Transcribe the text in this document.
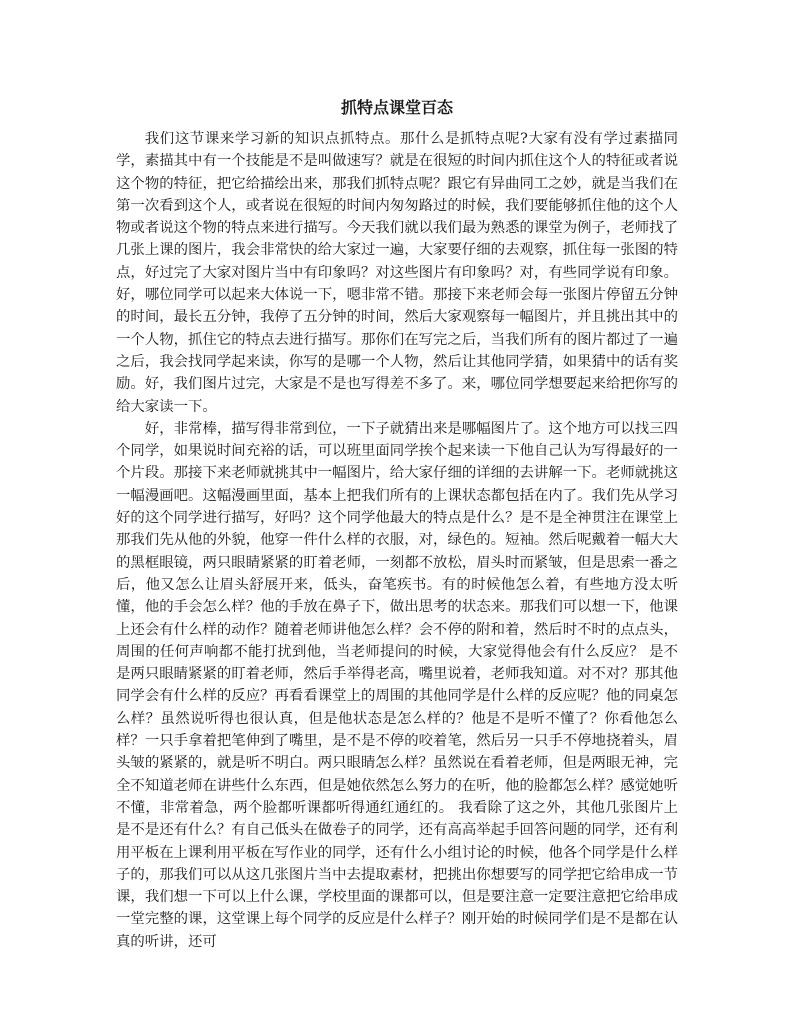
抓特点课堂百态

我们这节课来学习新的知识点抓特点。那什么是抓特点呢?大家有没有学过素描同学，素描其中有一个技能是不是叫做速写？就是在很短的时间内抓住这个人的特征或者说这个物的特征，把它给描绘出来，那我们抓特点呢？跟它有异曲同工之妙，就是当我们在第一次看到这个人，或者说在很短的时间内匆匆路过的时候，我们要能够抓住他的这个人物或者说这个物的特点来进行描写。今天我们就以我们最为熟悉的课堂为例子，老师找了几张上课的图片，我会非常快的给大家过一遍，大家要仔细的去观察，抓住每一张图的特点，好过完了大家对图片当中有印象吗？对这些图片有印象吗？对，有些同学说有印象。好，哪位同学可以起来大体说一下，嗯非常不错。那接下来老师会每一张图片停留五分钟的时间，最长五分钟，我停了五分钟的时间，然后大家观察每一幅图片，并且挑出其中的一个人物，抓住它的特点去进行描写。那你们在写完之后，当我们所有的图片都过了一遍之后，我会找同学起来读，你写的是哪一个人物，然后让其他同学猜，如果猜中的话有奖励。好，我们图片过完，大家是不是也写得差不多了。来，哪位同学想要起来给把你写的给大家读一下。

好，非常棒，描写得非常到位，一下子就猜出来是哪幅图片了。这个地方可以找三四个同学，如果说时间充裕的话，可以班里面同学挨个起来读一下他自己认为写得最好的一个片段。那接下来老师就挑其中一幅图片，给大家仔细的详细的去讲解一下。老师就挑这一幅漫画吧。这幅漫画里面，基本上把我们所有的上课状态都包括在内了。我们先从学习好的这个同学进行描写，好吗？这个同学他最大的特点是什么？是不是全神贯注在课堂上那我们先从他的外貌，他穿一件什么样的衣服，对，绿色的。短袖。然后呢戴着一幅大大的黑框眼镜，两只眼睛紧紧的盯着老师，一刻都不放松，眉头时而紧皱，但是思索一番之后，他又怎么让眉头舒展开来，低头，奋笔疾书。有的时候他怎么着，有些地方没太听懂，他的手会怎么样？他的手放在鼻子下，做出思考的状态来。那我们可以想一下，他课上还会有什么样的动作？随着老师讲他怎么样？会不停的附和着，然后时不时的点点头，周围的任何声响都不能打扰到他，当老师提问的时候，大家觉得他会有什么反应？ 是不是两只眼睛紧紧的盯着老师，然后手举得老高，嘴里说着，老师我知道。对不对？那其他同学会有什么样的反应？再看看课堂上的周围的其他同学是什么样的反应呢？他的同桌怎么样？虽然说听得也很认真，但是他状态是怎么样的？他是不是听不懂了？你看他怎么样？一只手拿着把笔伸到了嘴里，是不是不停的咬着笔，然后另一只手不停地挠着头，眉头皱的紧紧的，就是听不明白。两只眼睛怎么样？虽然说在看着老师，但是两眼无神，完全不知道老师在讲些什么东西，但是她依然怎么努力的在听，他的脸都怎么样？感觉她听不懂，非常着急，两个脸都听课都听得通红通红的。 我看除了这之外，其他几张图片上是不是还有什么？有自己低头在做卷子的同学，还有高高举起手回答问题的同学，还有利用平板在上课利用平板在写作业的同学，还有什么小组讨论的时候，他各个同学是什么样子的，那我们可以从这几张图片当中去提取素材，把挑出你想要写的同学把它给串成一节课，我们想一下可以上什么课，学校里面的课都可以，但是要注意一定要注意把它给串成一堂完整的课，这堂课上每个同学的反应是什么样子？刚开始的时候同学们是不是都在认真的听讲，还可
